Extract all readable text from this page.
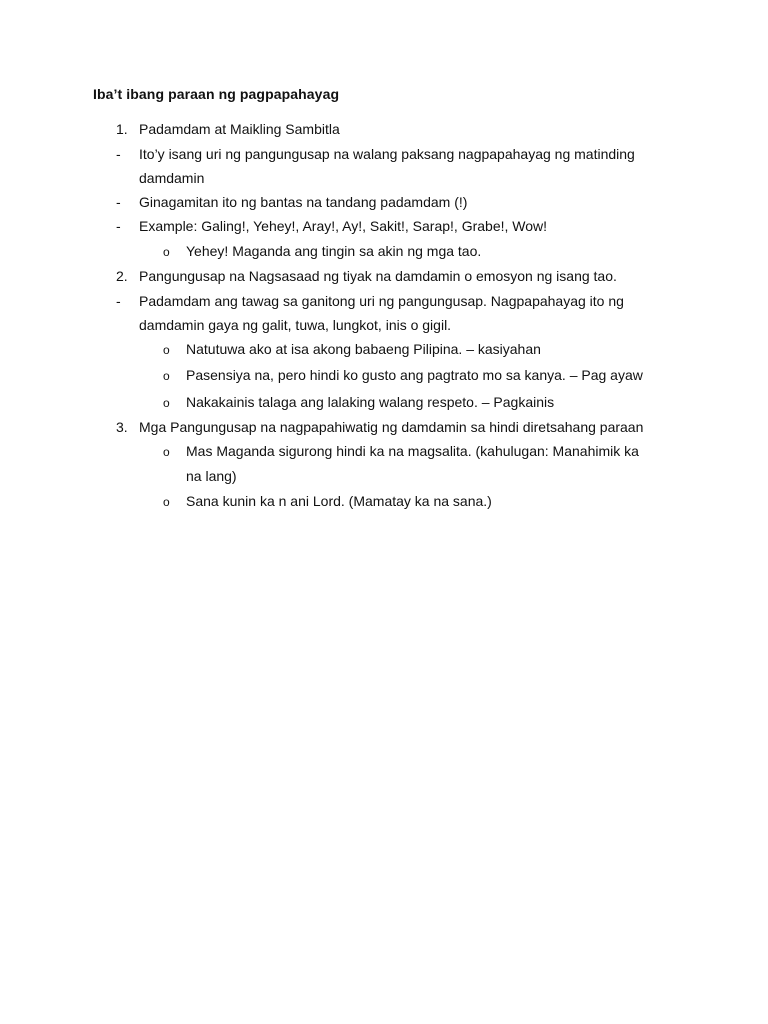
Iba’t ibang paraan ng pagpapahayag
1. Padamdam at Maikling Sambitla
- Ito’y isang uri ng pangungusap na walang paksang nagpapahayag ng matinding
damdamin
- Ginagamitan ito ng bantas na tandang padamdam (!)
- Example: Galing!, Yehey!, Aray!, Ay!, Sakit!, Sarap!, Grabe!, Wow!
o Yehey! Maganda ang tingin sa akin ng mga tao.
2. Pangungusap na Nagsasaad ng tiyak na damdamin o emosyon ng isang tao.
- Padamdam ang tawag sa ganitong uri ng pangungusap. Nagpapahayag ito ng
damdamin gaya ng galit, tuwa, lungkot, inis o gigil.
o Natutuwa ako at isa akong babaeng Pilipina. – kasiyahan
o Pasensiya na, pero hindi ko gusto ang pagtrato mo sa kanya. – Pag ayaw
o Nakakainis talaga ang lalaking walang respeto. – Pagkainis
3. Mga Pangungusap na nagpapahiwatig ng damdamin sa hindi diretsahang paraan
o Mas Maganda sigurong hindi ka na magsalita. (kahulugan: Manahimik ka
na lang)
o Sana kunin ka n ani Lord. (Mamatay ka na sana.)
